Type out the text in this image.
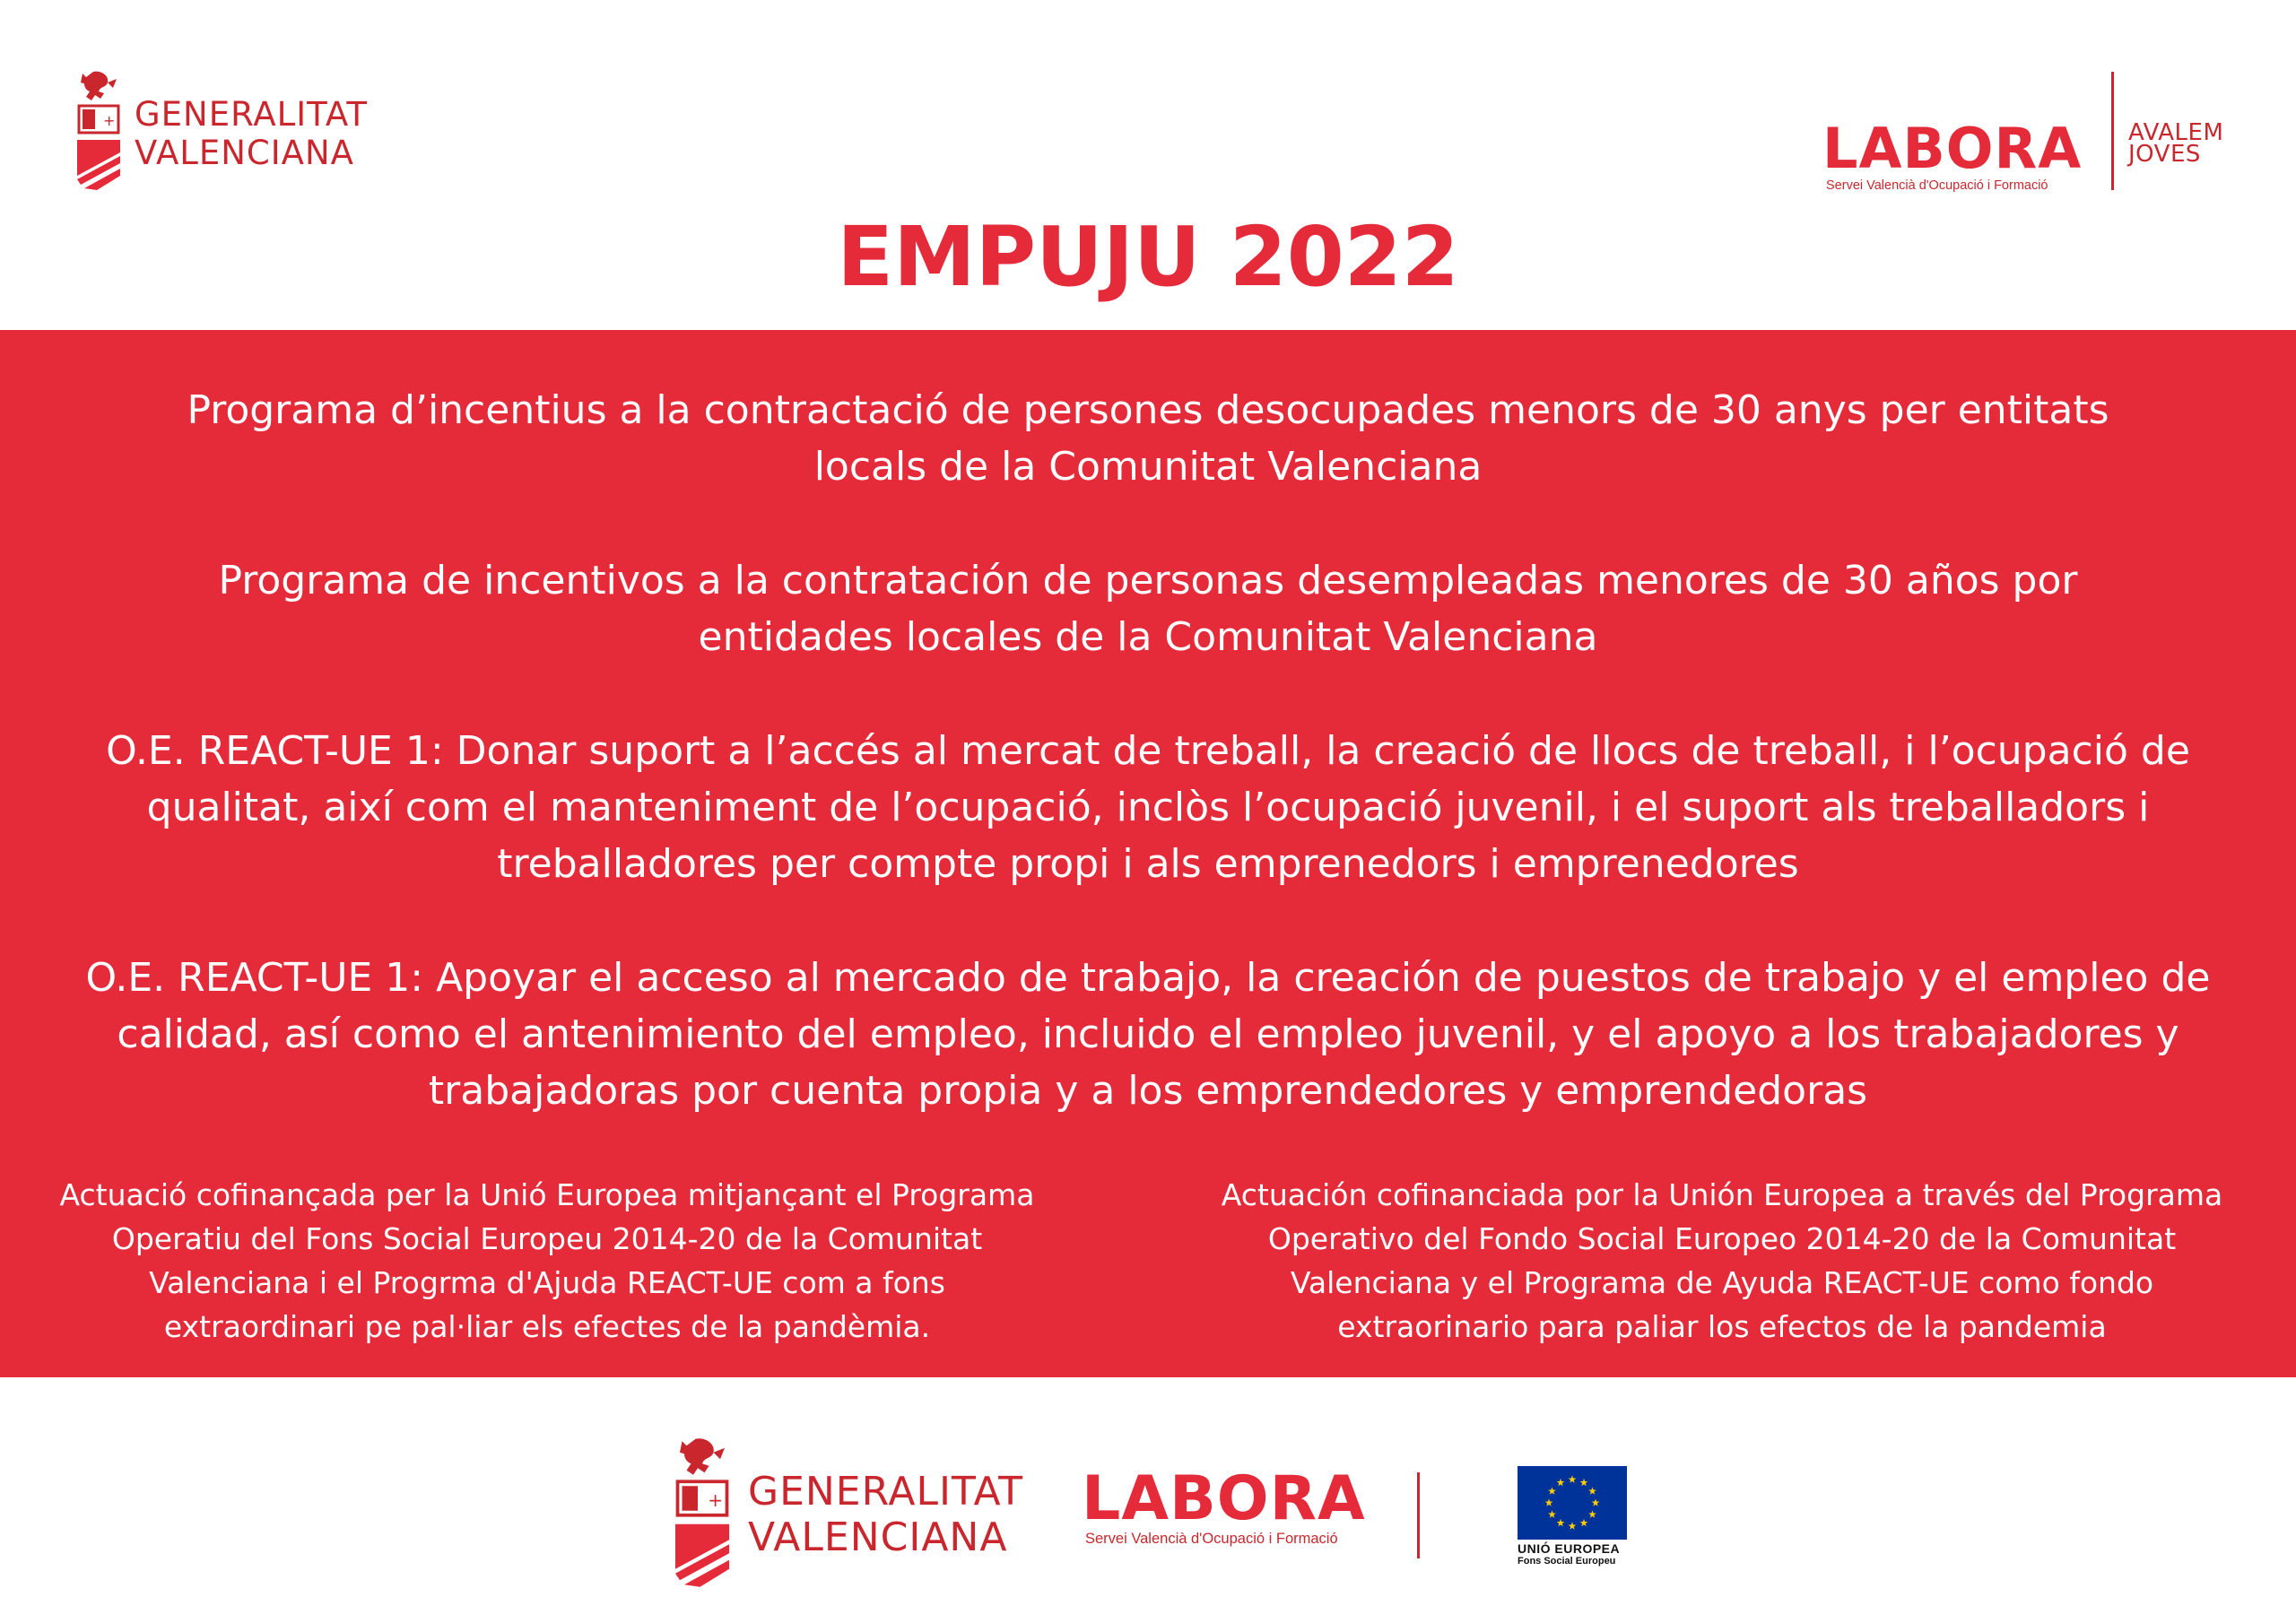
+ GENERALITAT
VALENCIANA	LABORA
Servei Valencià d'Ocupació i Formació
AVALEM
JOVES
EMPUJU 2022

Programa d’incentius a la contractació de persones desocupades menors de 30 anys per entitats
locals de la Comunitat Valenciana

Programa de incentivos a la contratación de personas desempleadas menores de 30 años por
entidades locales de la Comunitat Valenciana

O.E. REACT-UE 1: Donar suport a l’accés al mercat de treball, la creació de llocs de treball, i l’ocupació de
qualitat, així com el manteniment de l’ocupació, inclòs l’ocupació juvenil, i el suport als treballadors i
treballadores per compte propi i als emprenedors i emprenedores

O.E. REACT-UE 1: Apoyar el acceso al mercado de trabajo, la creación de puestos de trabajo y el empleo de
calidad, así como el antenimiento del empleo, incluido el empleo juvenil, y el apoyo a los trabajadores y
trabajadoras por cuenta propia y a los emprendedores y emprendedoras

Actuació cofinançada per la Unió Europea mitjançant el Programa
Operatiu del Fons Social Europeu 2014-20 de la Comunitat
Valenciana i el Progrma d'Ajuda REACT-UE com a fons
extraordinari pe pal·liar els efectes de la pandèmia.

Actuación cofinanciada por la Unión Europea a través del Programa
Operativo del Fondo Social Europeo 2014-20 de la Comunitat
Valenciana y el Programa de Ayuda REACT-UE como fondo
extraorinario para paliar los efectos de la pandemia

+ GENERALITAT
VALENCIANA
LABORA
Servei Valencià d'Ocupació i Formació
UNIÓ EUROPEA
Fons Social Europeu
